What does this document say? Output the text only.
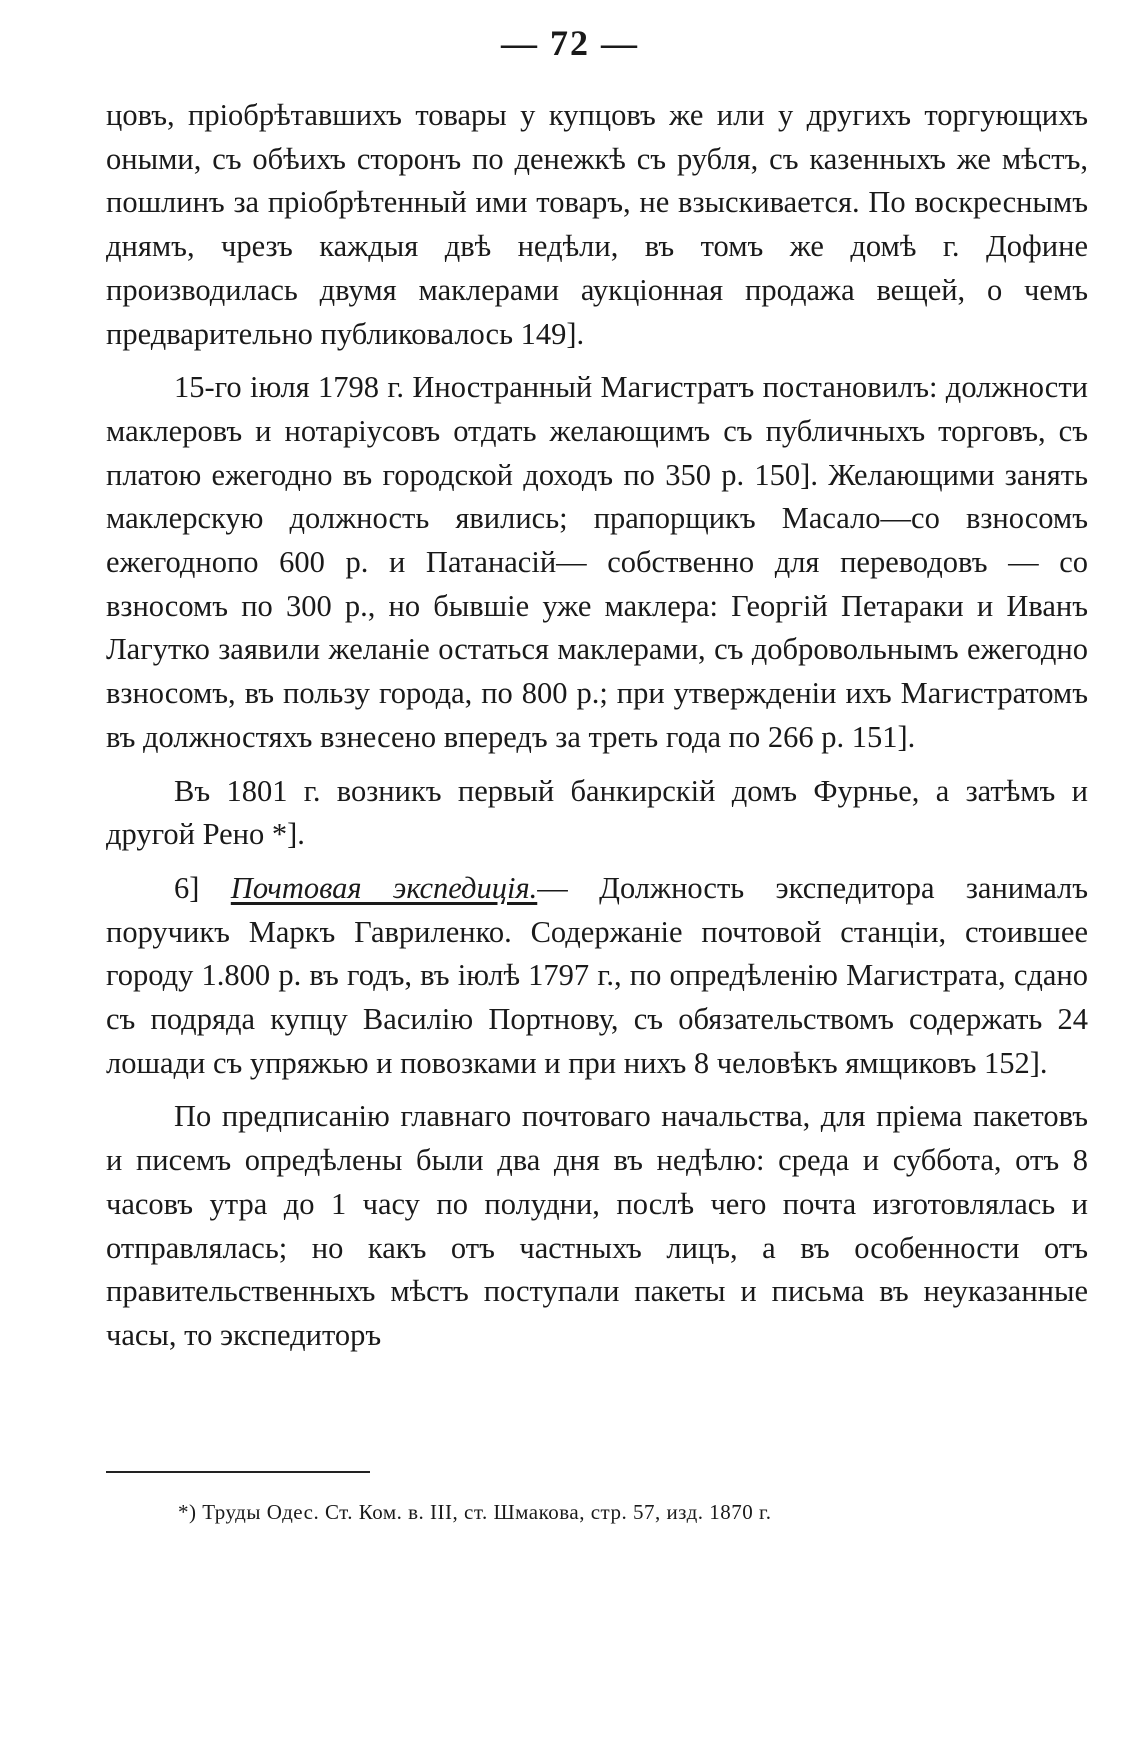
— 72 —

цовъ, пріобрѣтавшихъ товары у купцовъ же или у другихъ торгующихъ оными, съ обѣихъ сторонъ по денежкѣ съ рубля, съ казенныхъ же мѣстъ, пошлинъ за пріобрѣтенный ими товаръ, не взыскивается. По воскреснымъ днямъ, чрезъ каждыя двѣ недѣли, въ томъ же домѣ г. Дофине производилась двумя маклерами аукціонная продажа вещей, о чемъ предварительно публиковалось 149].

15-го іюля 1798 г. Иностранный Магистратъ постановилъ: должности маклеровъ и нотаріусовъ отдать желающимъ съ публичныхъ торговъ, съ платою ежегодно въ городской доходъ по 350 р. 150]. Желающими занять маклерскую должность явились; прапорщикъ Масало—со взносомъ ежегоднопо 600 р. и Патанасій— собственно для переводовъ — со взносомъ по 300 р., но бывшіе уже маклера: Георгій Петараки и Иванъ Лагутко заявили желаніе остаться маклерами, съ добровольнымъ ежегодно взносомъ, въ пользу города, по 800 р.; при утвержденіи ихъ Магистратомъ въ должностяхъ взнесено впередъ за треть года по 266 р. 151].

Въ 1801 г. возникъ первый банкирскій домъ Фурнье, а затѣмъ и другой Рено *].

6] Почтовая экспедиція.— Должность экспедитора занималъ поручикъ Маркъ Гавриленко. Содержаніе почтовой станціи, стоившее городу 1.800 р. въ годъ, въ іюлѣ 1797 г., по опредѣленію Магистрата, сдано съ подряда купцу Василію Портнову, съ обязательствомъ содержать 24 лошади съ упряжью и повозками и при нихъ 8 человѣкъ ямщиковъ 152].

По предписанію главнаго почтоваго начальства, для пріема пакетовъ и писемъ опредѣлены были два дня въ недѣлю: среда и суббота, отъ 8 часовъ утра до 1 часу по полудни, послѣ чего почта изготовлялась и отправлялась; но какъ отъ частныхъ лицъ, а въ особенности отъ правительственныхъ мѣстъ поступали пакеты и письма въ неуказанные часы, то экспедиторъ

*) Труды Одес. Ст. Ком. в. III, ст. Шмакова, стр. 57, изд. 1870 г.
